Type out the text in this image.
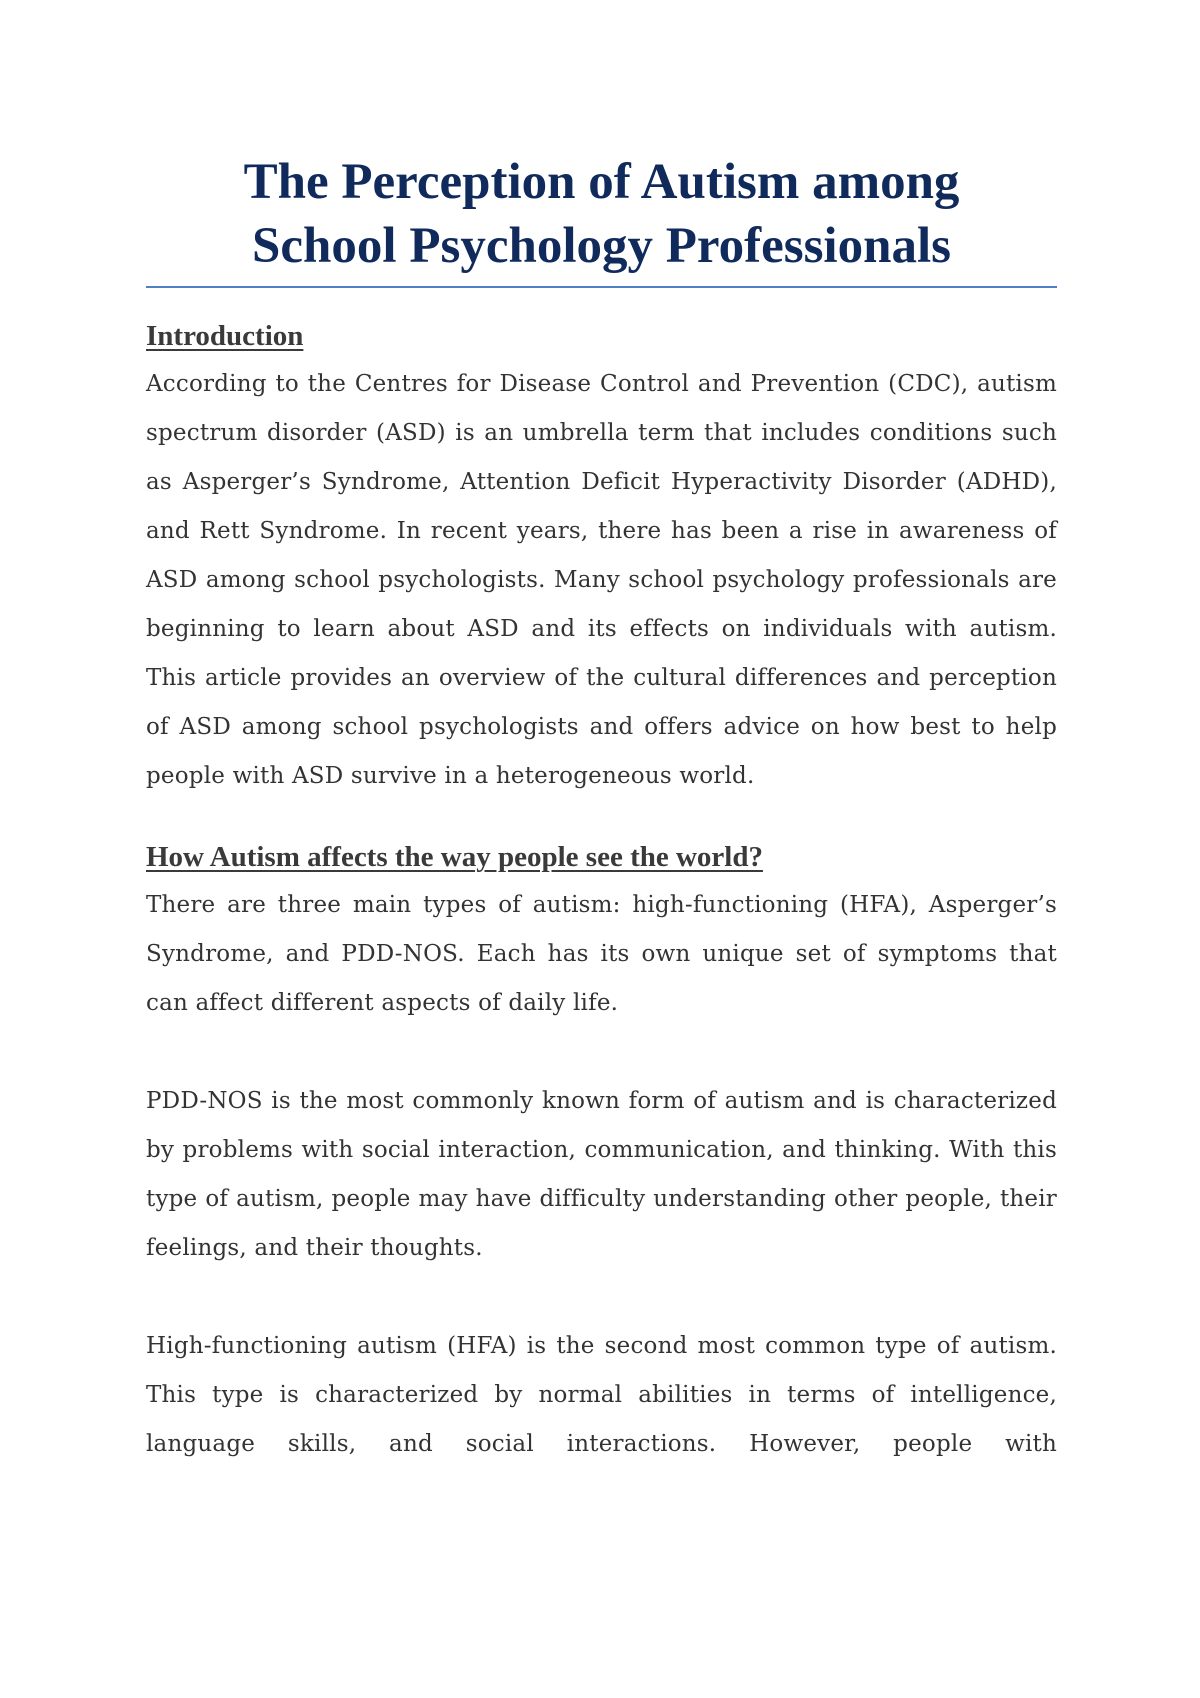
The Perception of Autism among
School Psychology Professionals
Introduction

According to the Centres for Disease Control and Prevention (CDC), autism spectrum disorder (ASD) is an umbrella term that includes conditions such as Asperger’s Syndrome, Attention Deficit Hyperactivity Disorder (ADHD), and Rett Syndrome. In recent years, there has been a rise in awareness of ASD among school psychologists. Many school psychology professionals are beginning to learn about ASD and its effects on individuals with autism. This article provides an overview of the cultural differences and perception of ASD among school psychologists and offers advice on how best to help people with ASD survive in a heterogeneous world.

How Autism affects the way people see the world?

There are three main types of autism: high-functioning (HFA), Asperger’s Syndrome, and PDD-NOS. Each has its own unique set of symptoms that can affect different aspects of daily life.

PDD-NOS is the most commonly known form of autism and is characterized by problems with social interaction, communication, and thinking. With this type of autism, people may have difficulty understanding other people, their feelings, and their thoughts.

High-functioning autism (HFA) is the second most common type of autism. This type is characterized by normal abilities in terms of intelligence, language skills, and social interactions. However, people with
